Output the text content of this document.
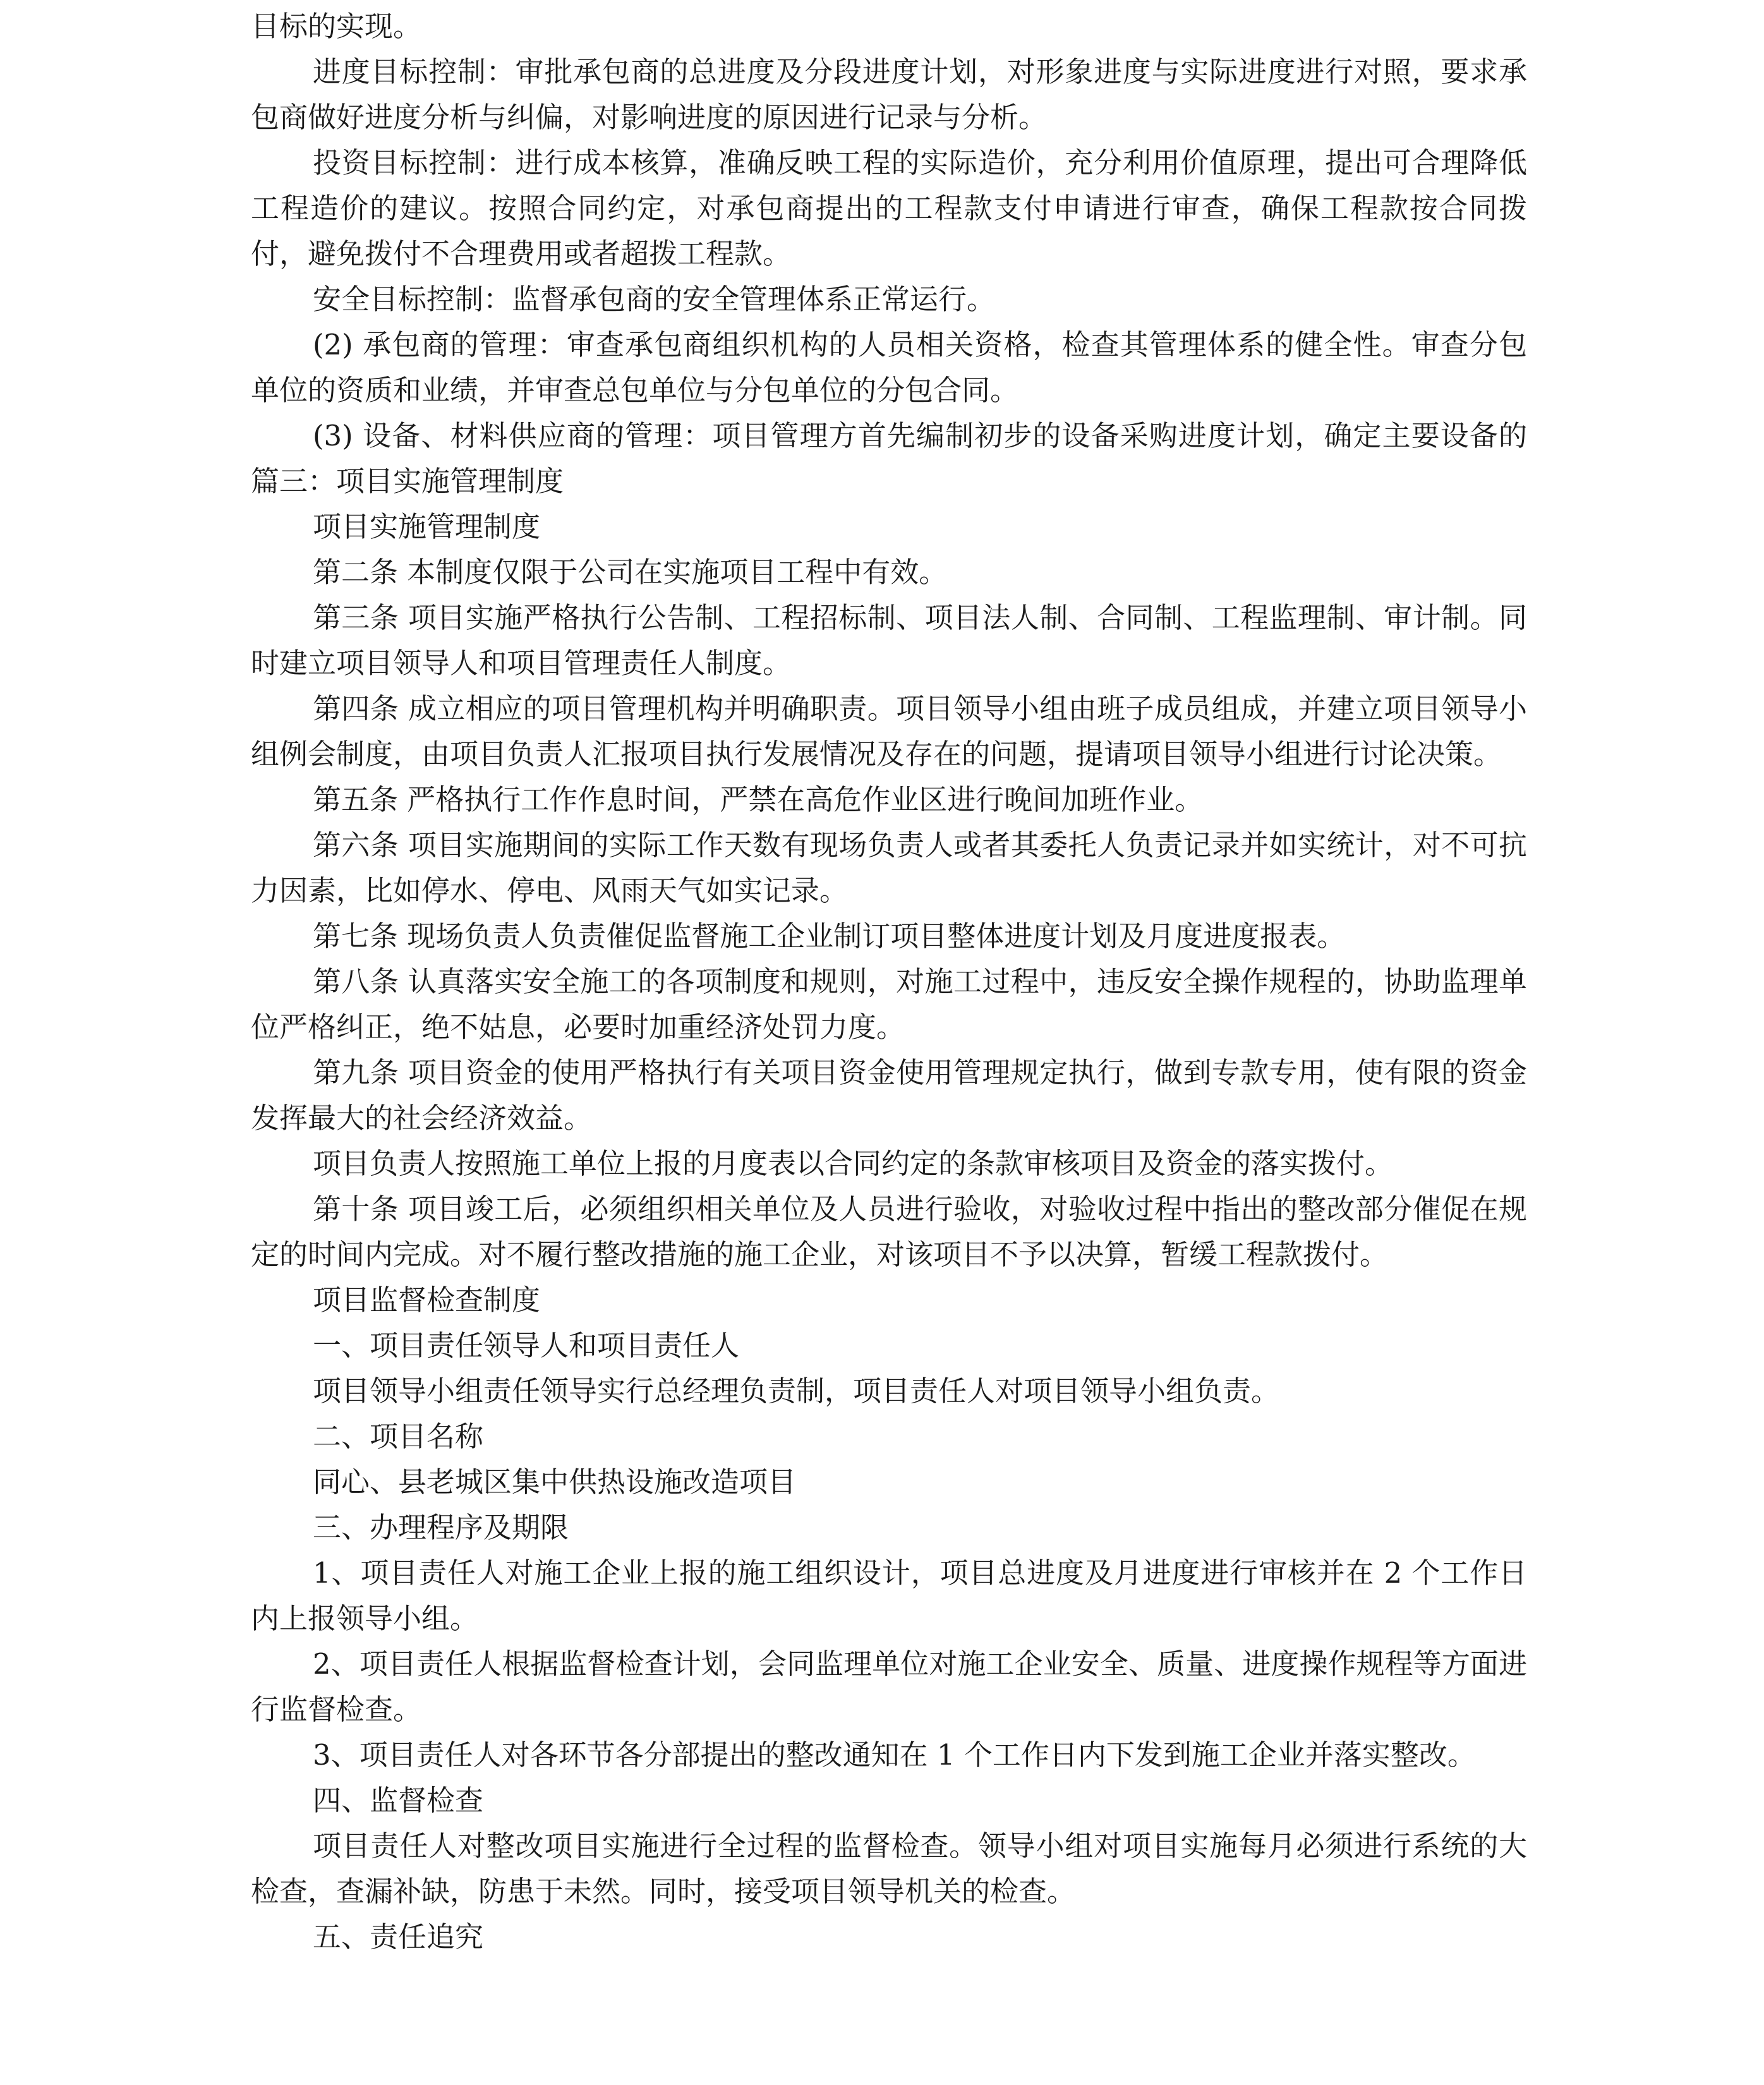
目标的实现。

进度目标控制：审批承包商的总进度及分段进度计划，对形象进度与实际进度进行对照，要求承包商做好进度分析与纠偏，对影响进度的原因进行记录与分析。

投资目标控制：进行成本核算，准确反映工程的实际造价，充分利用价值原理，提出可合理降低工程造价的建议。按照合同约定，对承包商提出的工程款支付申请进行审查，确保工程款按合同拨付，避免拨付不合理费用或者超拨工程款。

安全目标控制：监督承包商的安全管理体系正常运行。

(2) 承包商的管理：审查承包商组织机构的人员相关资格，检查其管理体系的健全性。审查分包单位的资质和业绩，并审查总包单位与分包单位的分包合同。

(3) 设备、材料供应商的管理：项目管理方首先编制初步的设备采购进度计划，确定主要设备的篇三：项目实施管理制度

项目实施管理制度

第二条 本制度仅限于公司在实施项目工程中有效。

第三条 项目实施严格执行公告制、工程招标制、项目法人制、合同制、工程监理制、审计制。同时建立项目领导人和项目管理责任人制度。

第四条 成立相应的项目管理机构并明确职责。项目领导小组由班子成员组成，并建立项目领导小组例会制度，由项目负责人汇报项目执行发展情况及存在的问题，提请项目领导小组进行讨论决策。

第五条 严格执行工作作息时间，严禁在高危作业区进行晚间加班作业。

第六条 项目实施期间的实际工作天数有现场负责人或者其委托人负责记录并如实统计，对不可抗力因素，比如停水、停电、风雨天气如实记录。

第七条 现场负责人负责催促监督施工企业制订项目整体进度计划及月度进度报表。

第八条 认真落实安全施工的各项制度和规则，对施工过程中，违反安全操作规程的，协助监理单位严格纠正，绝不姑息，必要时加重经济处罚力度。

第九条 项目资金的使用严格执行有关项目资金使用管理规定执行，做到专款专用，使有限的资金发挥最大的社会经济效益。

项目负责人按照施工单位上报的月度表以合同约定的条款审核项目及资金的落实拨付。

第十条 项目竣工后，必须组织相关单位及人员进行验收，对验收过程中指出的整改部分催促在规定的时间内完成。对不履行整改措施的施工企业，对该项目不予以决算，暂缓工程款拨付。

项目监督检查制度

一、项目责任领导人和项目责任人

项目领导小组责任领导实行总经理负责制，项目责任人对项目领导小组负责。

二、项目名称

同心、县老城区集中供热设施改造项目

三、办理程序及期限

1、项目责任人对施工企业上报的施工组织设计，项目总进度及月进度进行审核并在 2 个工作日内上报领导小组。

2、项目责任人根据监督检查计划，会同监理单位对施工企业安全、质量、进度操作规程等方面进行监督检查。

3、项目责任人对各环节各分部提出的整改通知在 1 个工作日内下发到施工企业并落实整改。

四、监督检查

项目责任人对整改项目实施进行全过程的监督检查。领导小组对项目实施每月必须进行系统的大检查，查漏补缺，防患于未然。同时，接受项目领导机关的检查。

五、责任追究
